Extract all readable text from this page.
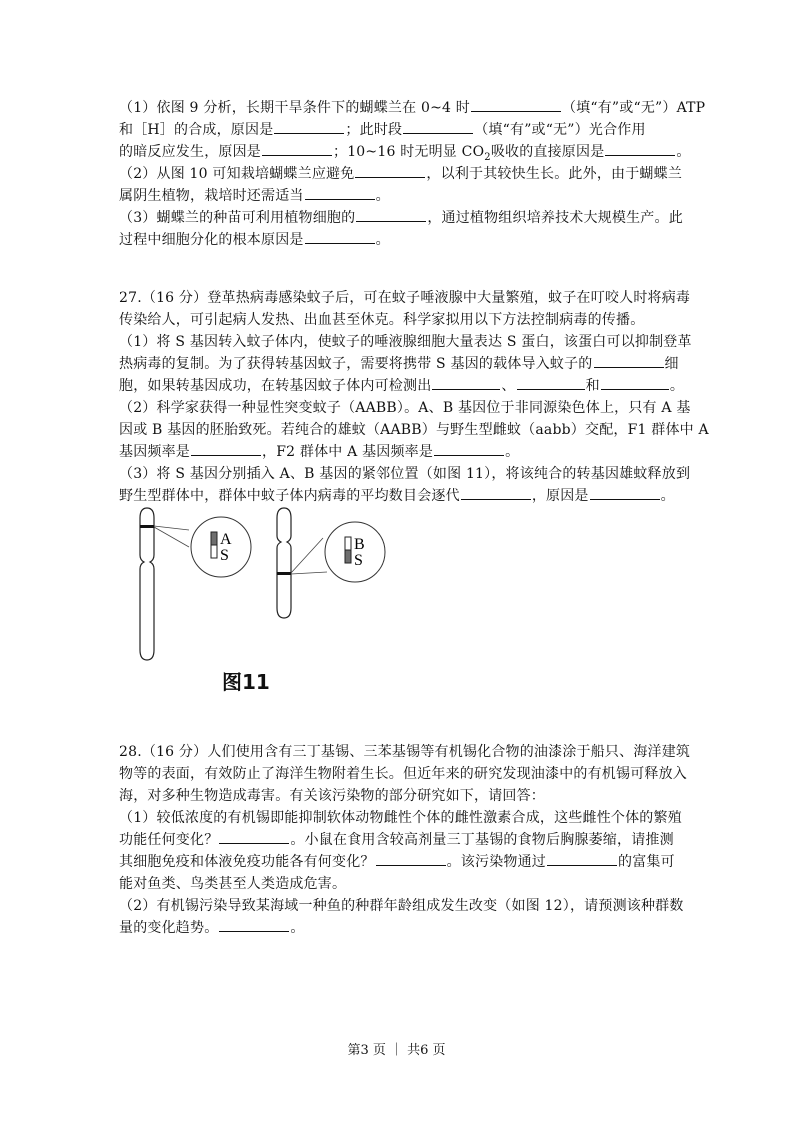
（1）依图 9 分析，长期干旱条件下的蝴蝶兰在 0~4 时	（填“有”或“无”）ATP
和［H］的合成，原因是	；此时段	（填“有”或“无”）光合作用
的暗反应发生，原因是	；10~16 时无明显 $CO_2$吸收的直接原因是	。
（2）从图 10 可知栽培蝴蝶兰应避免	，以利于其较快生长。此外，由于蝴蝶兰
属阴生植物，栽培时还需适当	。
（3）蝴蝶兰的种苗可利用植物细胞的	，通过植物组织培养技术大规模生产。此
过程中细胞分化的根本原因是	。
27.（16 分）登革热病毒感染蚊子后，可在蚊子唾液腺中大量繁殖，蚊子在叮咬人时将病毒
传染给人，可引起病人发热、出血甚至休克。科学家拟用以下方法控制病毒的传播。
（1）将 S 基因转入蚊子体内，使蚊子的唾液腺细胞大量表达 S 蛋白，该蛋白可以抑制登革
热病毒的复制。为了获得转基因蚊子，需要将携带 S 基因的载体导入蚊子的	细
胞，如果转基因成功，在转基因蚊子体内可检测出	、	和	。
（2）科学家获得一种显性突变蚊子（AABB）。A、B 基因位于非同源染色体上，只有 A 基
因或 B 基因的胚胎致死。若纯合的雄蚊（AABB）与野生型雌蚊（aabb）交配，F1 群体中 A
基因频率是	，F2 群体中 A 基因频率是	。
（3）将 S 基因分别插入 A、B 基因的紧邻位置（如图 11），将该纯合的转基因雄蚊释放到
野生型群体中，群体中蚊子体内病毒的平均数目会逐代	，原因是	。
A
S
B
S
图11
28.（16 分）人们使用含有三丁基锡、三苯基锡等有机锡化合物的油漆涂于船只、海洋建筑
物等的表面，有效防止了海洋生物附着生长。但近年来的研究发现油漆中的有机锡可释放入
海，对多种生物造成毒害。有关该污染物的部分研究如下，请回答：
（1）较低浓度的有机锡即能抑制软体动物雌性个体的雌性激素合成，这些雌性个体的繁殖
功能任何变化？	。小鼠在食用含较高剂量三丁基锡的食物后胸腺萎缩，请推测
其细胞免疫和体液免疫功能各有何变化？	。该污染物通过	的富集可
能对鱼类、鸟类甚至人类造成危害。
（2）有机锡污染导致某海域一种鱼的种群年龄组成发生改变（如图 12），请预测该种群数
量的变化趋势。	。
第3 页 ｜ 共6 页
